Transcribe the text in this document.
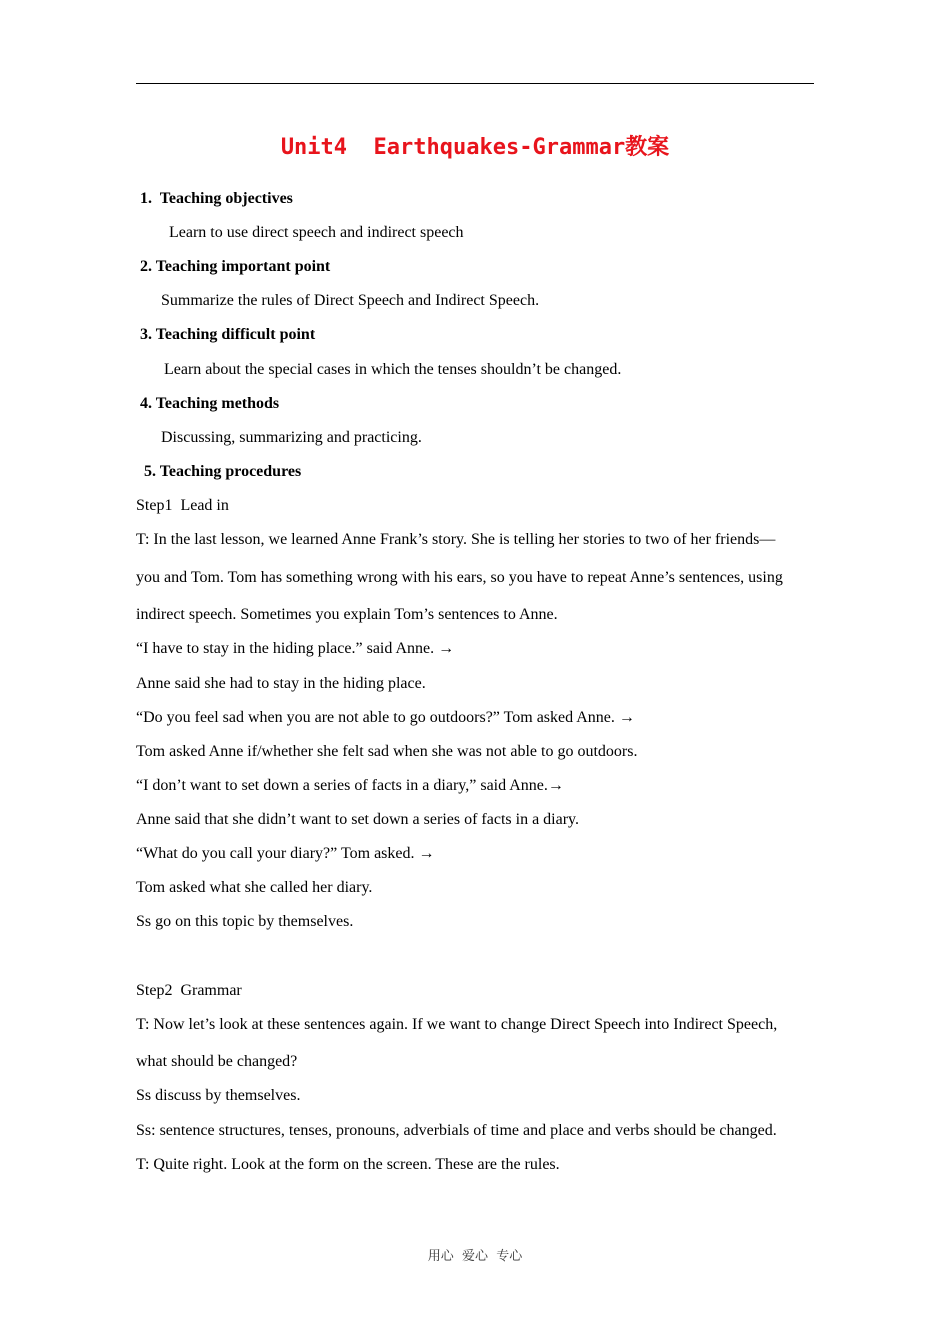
Unit4  Earthquakes-Grammar教案
1.  Teaching objectives
Learn to use direct speech and indirect speech
2. Teaching important point
Summarize the rules of Direct Speech and Indirect Speech.
3. Teaching difficult point
Learn about the special cases in which the tenses shouldn’t be changed.
4. Teaching methods
Discussing, summarizing and practicing.
5. Teaching procedures
Step1  Lead in
T: In the last lesson, we learned Anne Frank’s story. She is telling her stories to two of her friends—
you and Tom. Tom has something wrong with his ears, so you have to repeat Anne’s sentences, using
indirect speech. Sometimes you explain Tom’s sentences to Anne.
“I have to stay in the hiding place.” said Anne. →
Anne said she had to stay in the hiding place.
“Do you feel sad when you are not able to go outdoors?” Tom asked Anne. →
Tom asked Anne if/whether she felt sad when she was not able to go outdoors.
“I don’t want to set down a series of facts in a diary,” said Anne.→
Anne said that she didn’t want to set down a series of facts in a diary.
“What do you call your diary?” Tom asked. →
Tom asked what she called her diary.
Ss go on this topic by themselves.
Step2  Grammar
T: Now let’s look at these sentences again. If we want to change Direct Speech into Indirect Speech,
what should be changed?
Ss discuss by themselves.
Ss: sentence structures, tenses, pronouns, adverbials of time and place and verbs should be changed.
T: Quite right. Look at the form on the screen. These are the rules.
用心  爱心  专心
